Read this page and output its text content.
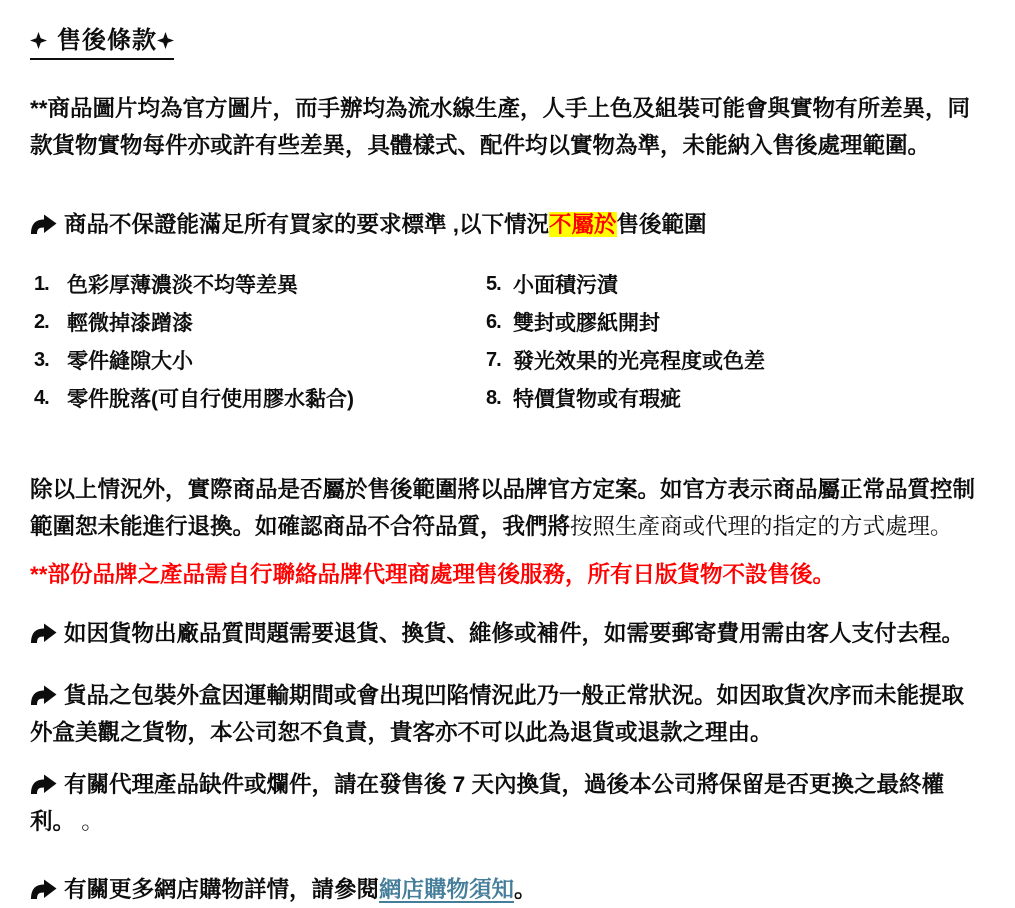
售後條款

**商品圖片均為官方圖片，而手辦均為流水線生產，人手上色及組裝可能會與實物有所差異，同款貨物實物每件亦或許有些差異，具體樣式、配件均以實物為準，未能納入售後處理範圍。

商品不保證能滿足所有買家的要求標準 ,以下情況不屬於售後範圍

1. 色彩厚薄濃淡不均等差異
2. 輕微掉漆蹭漆
3. 零件縫隙大小
4. 零件脫落(可自行使用膠水黏合)
5. 小面積污漬
6. 雙封或膠紙開封
7. 發光效果的光亮程度或色差
8. 特價貨物或有瑕疵

除以上情況外，實際商品是否屬於售後範圍將以品牌官方定案。如官方表示商品屬正常品質控制範圍恕未能進行退換。如確認商品不合符品質，我們將按照生產商或代理的指定的方式處理。

**部份品牌之產品需自行聯絡品牌代理商處理售後服務，所有日版貨物不設售後。

如因貨物出廠品質問題需要退貨、換貨、維修或補件，如需要郵寄費用需由客人支付去程。

貨品之包裝外盒因運輸期間或會出現凹陷情況此乃一般正常狀況。如因取貨次序而未能提取外盒美觀之貨物，本公司恕不負責，貴客亦不可以此為退貨或退款之理由。

有關代理產品缺件或爛件，請在發售後 7 天內換貨，過後本公司將保留是否更換之最終權利。 。

有關更多網店購物詳情，請參閱網店購物須知。
